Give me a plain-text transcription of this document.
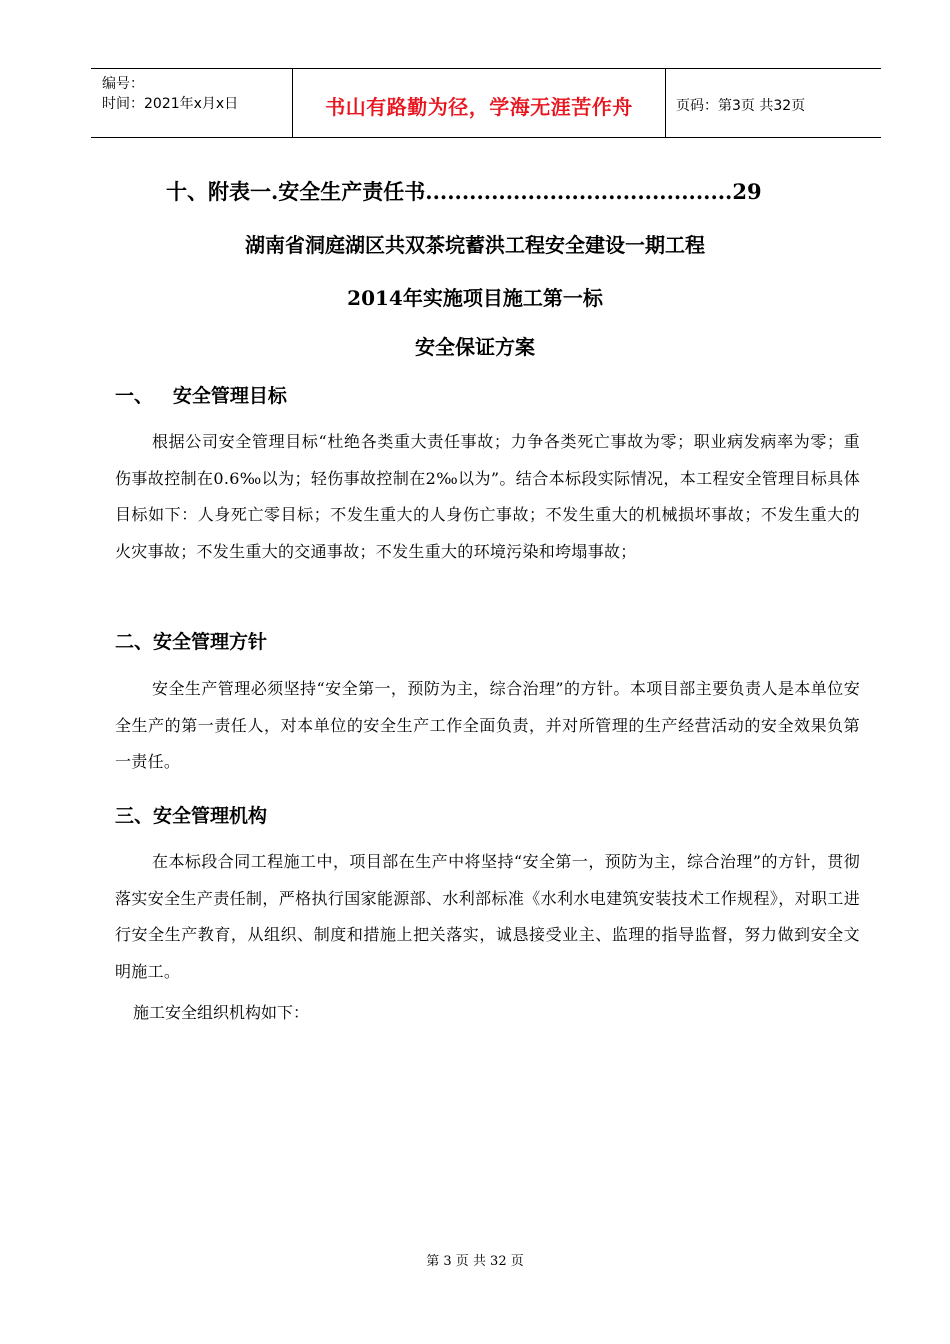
编号：
时间：2021年x月x日	书山有路勤为径，学海无涯苦作舟	页码：第3页 共32页
十、附表一.安全生产责任书..........................................29
湖南省洞庭湖区共双茶垸蓄洪工程安全建设一期工程
2014年实施项目施工第一标
安全保证方案
一、   安全管理目标
根据公司安全管理目标“杜绝各类重大责任事故；力争各类死亡事故为零；职业病发病率为零；重伤事故控制在0.6‰以为；轻伤事故控制在2‰以为”。结合本标段实际情况，本工程安全管理目标具体目标如下：人身死亡零目标；不发生重大的人身伤亡事故；不发生重大的机械损坏事故；不发生重大的火灾事故；不发生重大的交通事故；不发生重大的环境污染和垮塌事故；
二、安全管理方针
安全生产管理必须坚持“安全第一，预防为主，综合治理”的方针。本项目部主要负责人是本单位安全生产的第一责任人，对本单位的安全生产工作全面负责，并对所管理的生产经营活动的安全效果负第一责任。
三、安全管理机构
在本标段合同工程施工中，项目部在生产中将坚持“安全第一，预防为主，综合治理”的方针，贯彻落实安全生产责任制，严格执行国家能源部、水利部标准《水利水电建筑安装技术工作规程》，对职工进行安全生产教育，从组织、制度和措施上把关落实，诚恳接受业主、监理的指导监督，努力做到安全文明施工。
施工安全组织机构如下：
第 3 页 共 32 页
